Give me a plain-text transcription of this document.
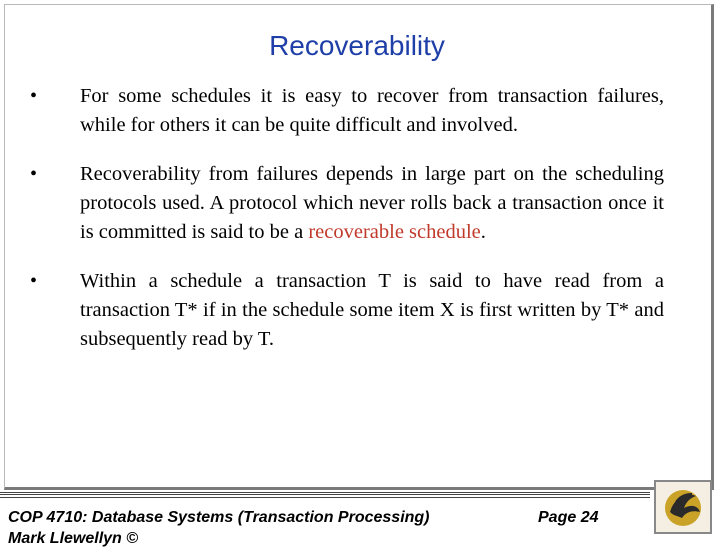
Recoverability
• For some schedules it is easy to recover from transaction failures, while for others it can be quite difficult and involved.
• Recoverability from failures depends in large part on the scheduling protocols used. A protocol which never rolls back a transaction once it is committed is said to be a recoverable schedule.
• Within a schedule a transaction T is said to have read from a transaction T* if in the schedule some item X is first written by T* and subsequently read by T.
COP 4710: Database Systems (Transaction Processing)	Page 24
Mark Llewellyn ©
